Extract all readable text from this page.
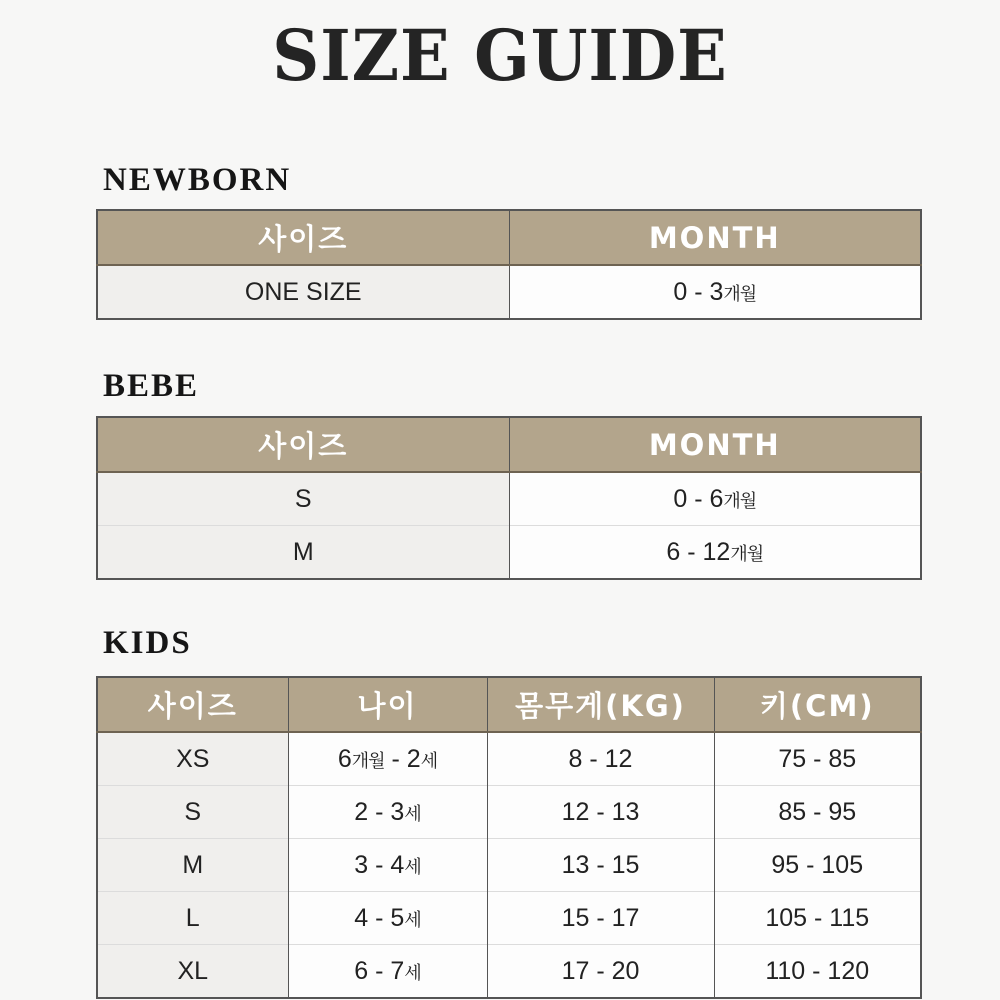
SIZE GUIDE
NEWBORN
사이즈	MONTH
ONE SIZE	0 - 3개월
BEBE
사이즈	MONTH
S	0 - 6개월
M	6 - 12개월
KIDS
사이즈	나이	몸무게(KG)	키(CM)
XS	6개월 - 2세	8 - 12	75 - 85
S	2 - 3세	12 - 13	85 - 95
M	3 - 4세	13 - 15	95 - 105
L	4 - 5세	15 - 17	105 - 115
XL	6 - 7세	17 - 20	110 - 120
